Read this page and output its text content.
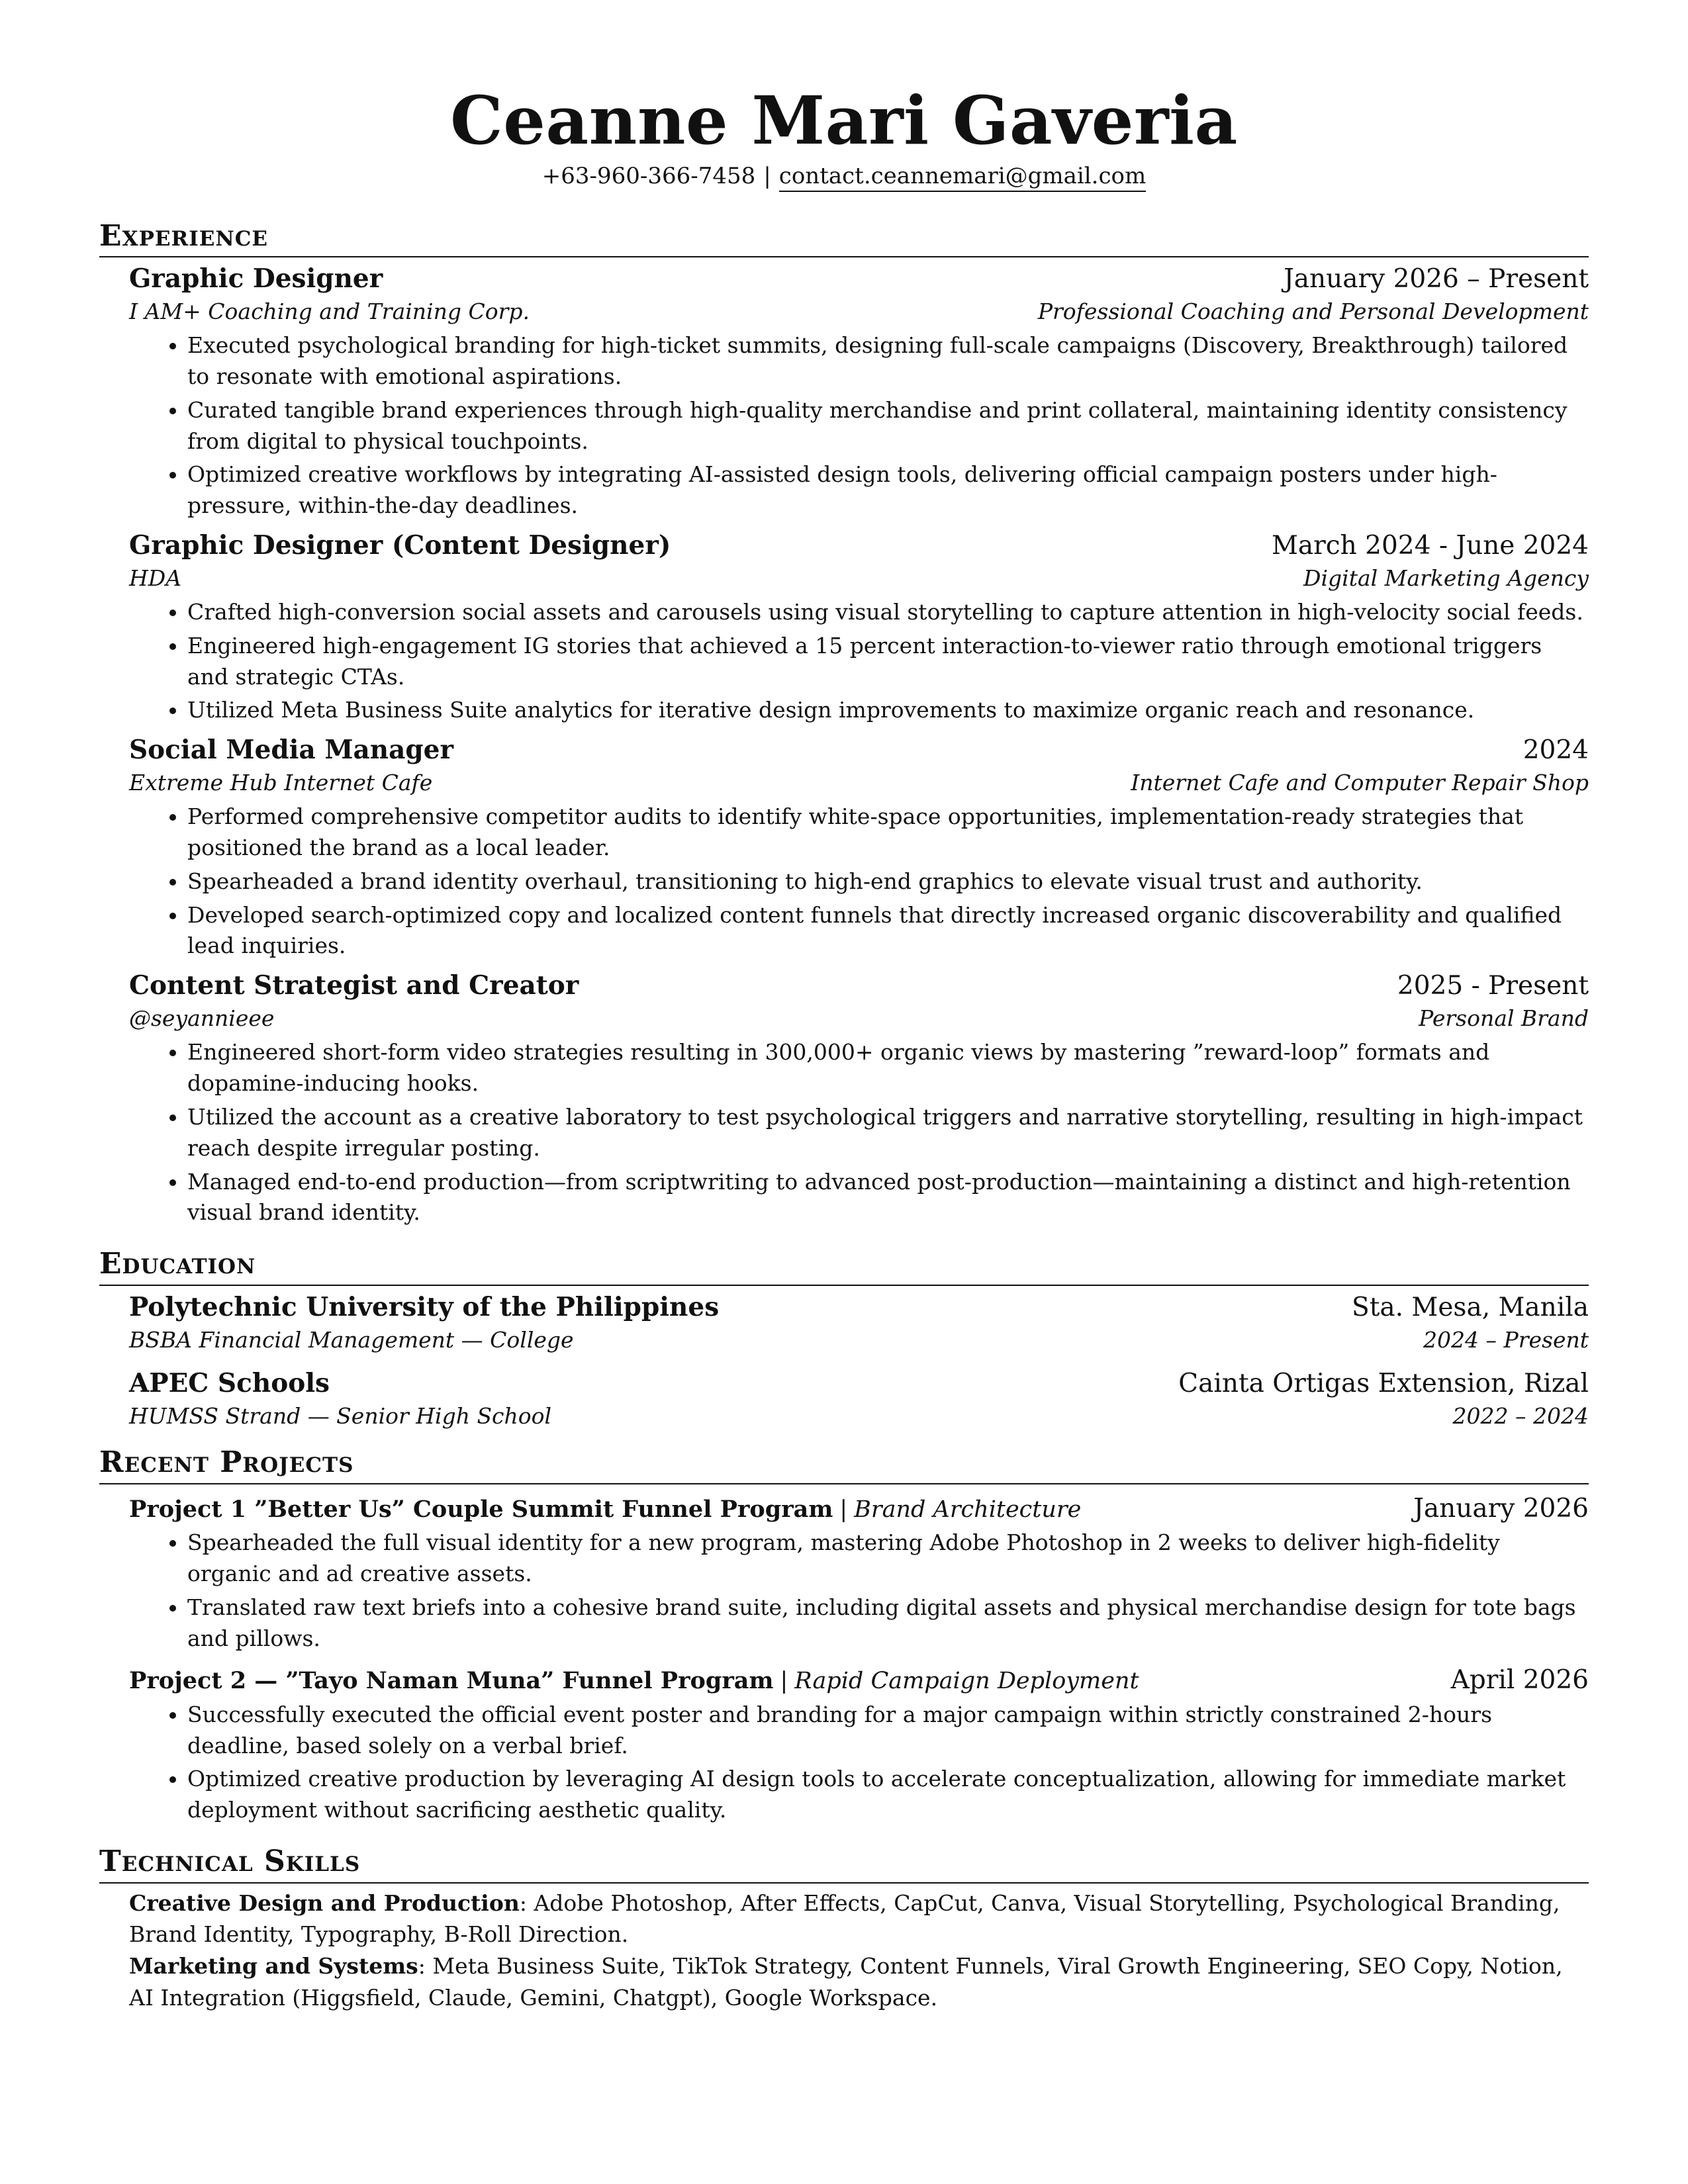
Ceanne Mari Gaveria
+63-960-366-7458 | contact.ceannemari@gmail.com
Experience
Graphic Designer	January 2026 – Present
I AM+ Coaching and Training Corp.	Professional Coaching and Personal Development
• Executed psychological branding for high-ticket summits, designing full-scale campaigns (Discovery, Breakthrough) tailored to resonate with emotional aspirations.
• Curated tangible brand experiences through high-quality merchandise and print collateral, maintaining identity consistency from digital to physical touchpoints.
• Optimized creative workflows by integrating AI-assisted design tools, delivering official campaign posters under high-pressure, within-the-day deadlines.
Graphic Designer (Content Designer)	March 2024 - June 2024
HDA	Digital Marketing Agency
• Crafted high-conversion social assets and carousels using visual storytelling to capture attention in high-velocity social feeds.
• Engineered high-engagement IG stories that achieved a 15 percent interaction-to-viewer ratio through emotional triggers and strategic CTAs.
• Utilized Meta Business Suite analytics for iterative design improvements to maximize organic reach and resonance.
Social Media Manager	2024
Extreme Hub Internet Cafe	Internet Cafe and Computer Repair Shop
• Performed comprehensive competitor audits to identify white-space opportunities, implementation-ready strategies that positioned the brand as a local leader.
• Spearheaded a brand identity overhaul, transitioning to high-end graphics to elevate visual trust and authority.
• Developed search-optimized copy and localized content funnels that directly increased organic discoverability and qualified lead inquiries.
Content Strategist and Creator	2025 - Present
@seyannieee	Personal Brand
• Engineered short-form video strategies resulting in 300,000+ organic views by mastering ”reward-loop” formats and dopamine-inducing hooks.
• Utilized the account as a creative laboratory to test psychological triggers and narrative storytelling, resulting in high-impact reach despite irregular posting.
• Managed end-to-end production—from scriptwriting to advanced post-production—maintaining a distinct and high-retention visual brand identity.
Education
Polytechnic University of the Philippines	Sta. Mesa, Manila
BSBA Financial Management — College	2024 – Present
APEC Schools	Cainta Ortigas Extension, Rizal
HUMSS Strand — Senior High School	2022 – 2024
Recent Projects
Project 1 ”Better Us” Couple Summit Funnel Program | Brand Architecture	January 2026
• Spearheaded the full visual identity for a new program, mastering Adobe Photoshop in 2 weeks to deliver high-fidelity organic and ad creative assets.
• Translated raw text briefs into a cohesive brand suite, including digital assets and physical merchandise design for tote bags and pillows.
Project 2 — ”Tayo Naman Muna” Funnel Program | Rapid Campaign Deployment	April 2026
• Successfully executed the official event poster and branding for a major campaign within strictly constrained 2-hours deadline, based solely on a verbal brief.
• Optimized creative production by leveraging AI design tools to accelerate conceptualization, allowing for immediate market deployment without sacrificing aesthetic quality.
Technical Skills
Creative Design and Production: Adobe Photoshop, After Effects, CapCut, Canva, Visual Storytelling, Psychological Branding, Brand Identity, Typography, B-Roll Direction.
Marketing and Systems: Meta Business Suite, TikTok Strategy, Content Funnels, Viral Growth Engineering, SEO Copy, Notion, AI Integration (Higgsfield, Claude, Gemini, Chatgpt), Google Workspace.
